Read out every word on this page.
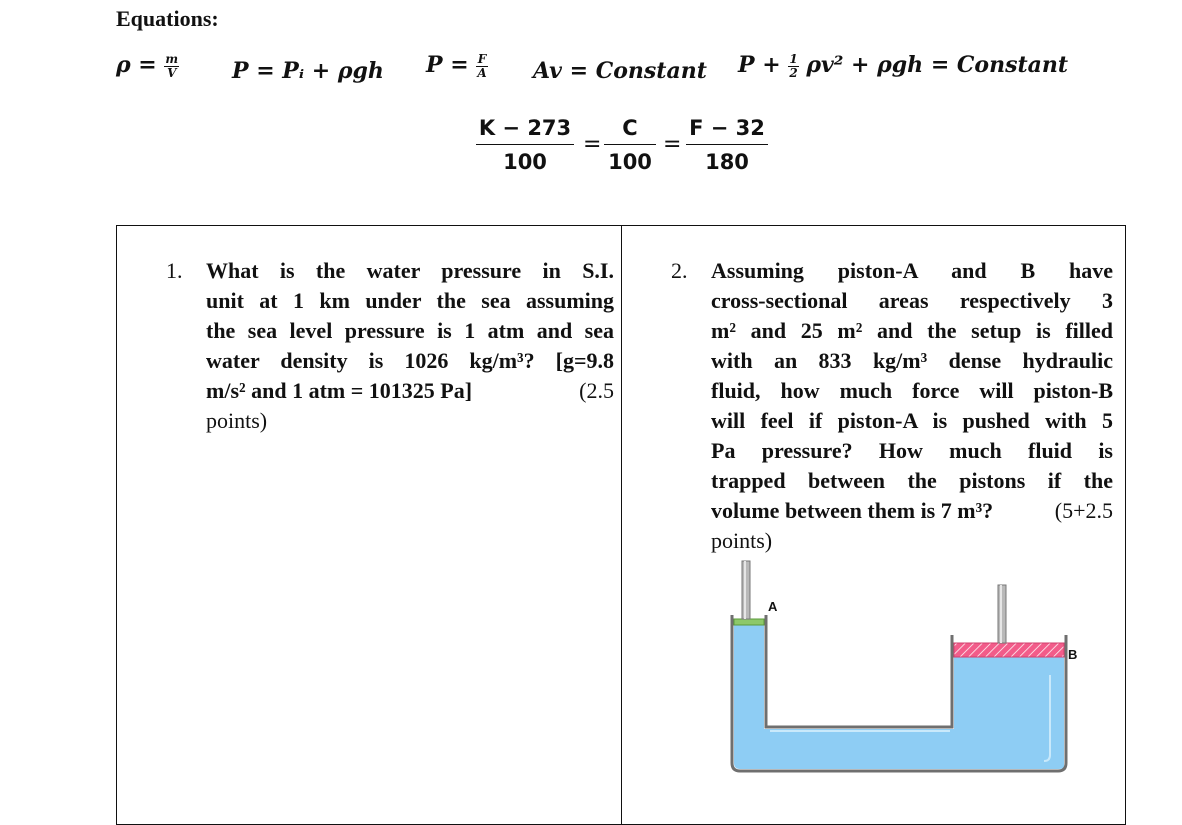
Equations:
$\rho = \frac{m}{V}$ P = Pᵢ + ρgh $P = \frac{F}{A}$ Av = Constant $P + \frac{1}{2} \rho v^2 + \rho gh$ = Constant
K − 273
100
=
C
100
=
F − 32
180
1. What is the water pressure in S.I.
unit at 1 km under the sea assuming
the sea level pressure is 1 atm and sea
water density is 1026 kg/m³? [g=9.8
m/s² and 1 atm = 101325 Pa]	(2.5
points)
2. Assuming piston-A and B have
cross-sectional areas respectively 3
m² and 25 m² and the setup is filled
with an 833 kg/m³ dense hydraulic
fluid, how much force will piston-B
will feel if piston-A is pushed with 5
Pa pressure? How much fluid is
trapped between the pistons if the
volume between them is 7 m³?	(5+2.5
points)
A
B
